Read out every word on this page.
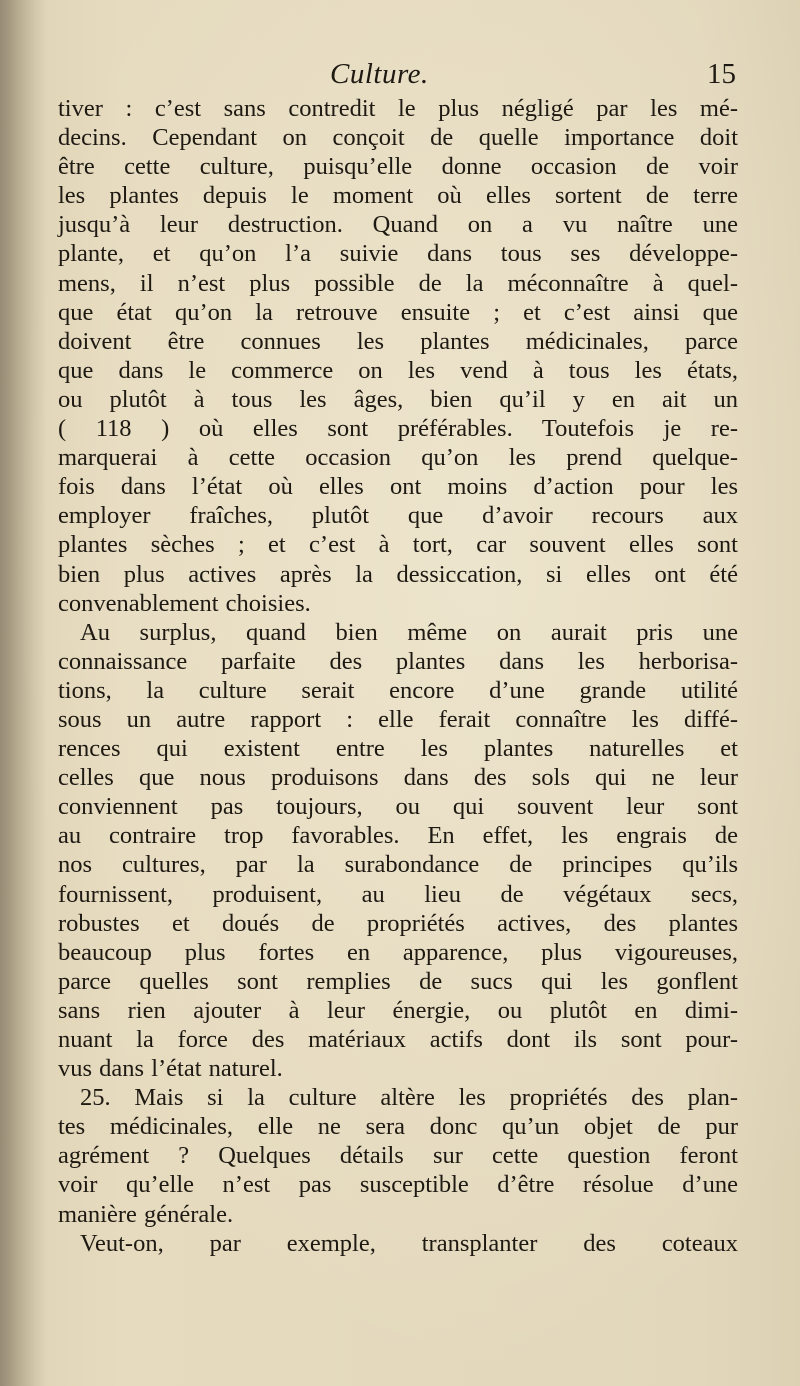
Culture.	15
tiver : c’est sans contredit le plus négligé par les mé-
decins. Cependant on conçoit de quelle importance doit
être cette culture, puisqu’elle donne occasion de voir
les plantes depuis le moment où elles sortent de terre
jusqu’à leur destruction. Quand on a vu naître une
plante, et qu’on l’a suivie dans tous ses développe-
mens, il n’est plus possible de la méconnaître à quel-
que état qu’on la retrouve ensuite ; et c’est ainsi que
doivent être connues les plantes médicinales, parce
que dans le commerce on les vend à tous les états,
ou plutôt à tous les âges, bien qu’il y en ait un
( 118 ) où elles sont préférables. Toutefois je re-
marquerai à cette occasion qu’on les prend quelque-
fois dans l’état où elles ont moins d’action pour les
employer fraîches, plutôt que d’avoir recours aux
plantes sèches ; et c’est à tort, car souvent elles sont
bien plus actives après la dessiccation, si elles ont été
convenablement choisies.
Au surplus, quand bien même on aurait pris une
connaissance parfaite des plantes dans les herborisa-
tions, la culture serait encore d’une grande utilité
sous un autre rapport : elle ferait connaître les diffé-
rences qui existent entre les plantes naturelles et
celles que nous produisons dans des sols qui ne leur
conviennent pas toujours, ou qui souvent leur sont
au contraire trop favorables. En effet, les engrais de
nos cultures, par la surabondance de principes qu’ils
fournissent, produisent, au lieu de végétaux secs,
robustes et doués de propriétés actives, des plantes
beaucoup plus fortes en apparence, plus vigoureuses,
parce quelles sont remplies de sucs qui les gonflent
sans rien ajouter à leur énergie, ou plutôt en dimi-
nuant la force des matériaux actifs dont ils sont pour-
vus dans l’état naturel.
25. Mais si la culture altère les propriétés des plan-
tes médicinales, elle ne sera donc qu’un objet de pur
agrément ? Quelques détails sur cette question feront
voir qu’elle n’est pas susceptible d’être résolue d’une
manière générale.
Veut-on, par exemple, transplanter des coteaux
